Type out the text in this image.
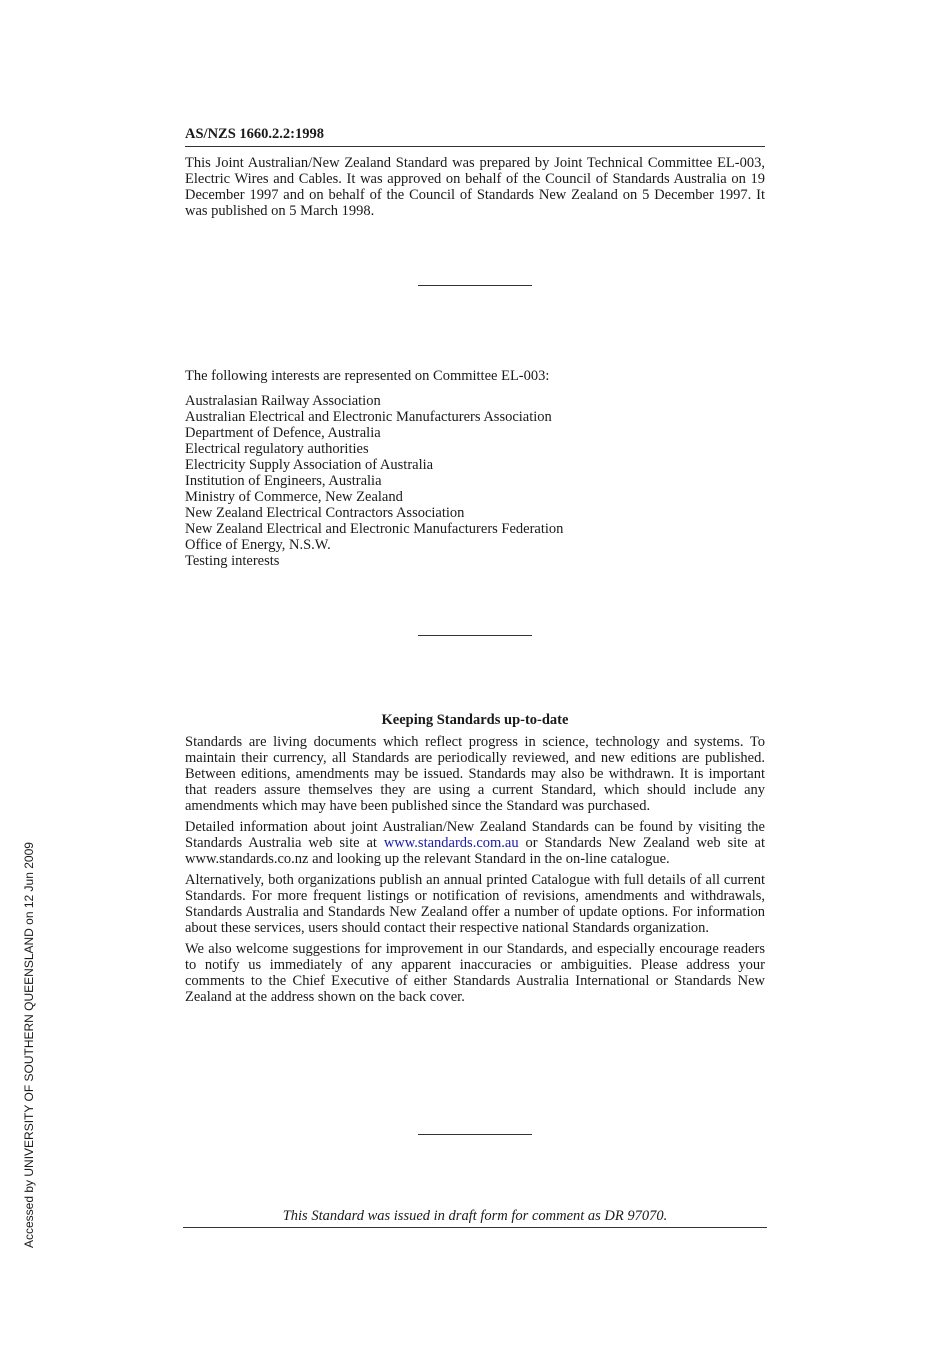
Accessed by UNIVERSITY OF SOUTHERN QUEENSLAND on 12 Jun 2009
AS/NZS 1660.2.2:1998

This Joint Australian/New Zealand Standard was prepared by Joint Technical Committee EL-003, Electric Wires and Cables. It was approved on behalf of the Council of Standards Australia on 19 December 1997 and on behalf of the Council of Standards New Zealand on 5 December 1997. It was published on 5 March 1998.

The following interests are represented on Committee EL-003:
Australasian Railway Association
Australian Electrical and Electronic Manufacturers Association
Department of Defence, Australia
Electrical regulatory authorities
Electricity Supply Association of Australia
Institution of Engineers, Australia
Ministry of Commerce, New Zealand
New Zealand Electrical Contractors Association
New Zealand Electrical and Electronic Manufacturers Federation
Office of Energy, N.S.W.
Testing interests
Keeping Standards up-to-date

Standards are living documents which reflect progress in science, technology and systems. To maintain their currency, all Standards are periodically reviewed, and new editions are published. Between editions, amendments may be issued. Standards may also be withdrawn. It is important that readers assure themselves they are using a current Standard, which should include any amendments which may have been published since the Standard was purchased.

Detailed information about joint Australian/New Zealand Standards can be found by visiting the Standards Australia web site at www.standards.com.au or Standards New Zealand web site at www.standards.co.nz and looking up the relevant Standard in the on-line catalogue.

Alternatively, both organizations publish an annual printed Catalogue with full details of all current Standards. For more frequent listings or notification of revisions, amendments and withdrawals, Standards Australia and Standards New Zealand offer a number of update options. For information about these services, users should contact their respective national Standards organization.

We also welcome suggestions for improvement in our Standards, and especially encourage readers to notify us immediately of any apparent inaccuracies or ambiguities. Please address your comments to the Chief Executive of either Standards Australia International or Standards New Zealand at the address shown on the back cover.

This Standard was issued in draft form for comment as DR 97070.
